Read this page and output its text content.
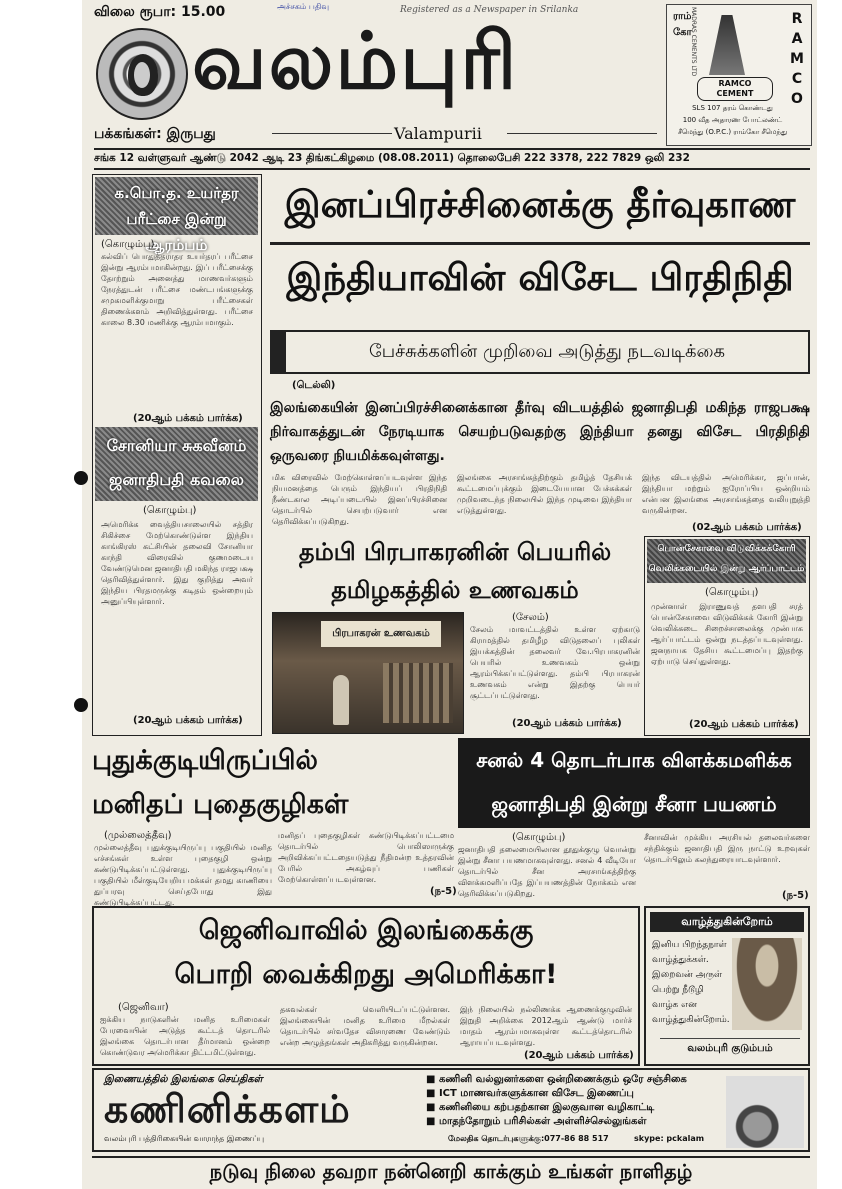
விலை ரூபா: 15.00	அச்சகம் பதிவு	Registered as a Newspaper in Srilanka
வலம்புரி
பக்கங்கள்: இருபது	Valampurii
ராம்கோ
MADRAS CEMENTS LTD
RAMCO CEMENT
RAMCO
SLS 107 தரம் கொண்டது
100 வீத அதாரண போட்லண்ட்
சீமெந்து (O.P.C.) ராம்கோ சீமெந்து
சங்க 12 வள்ளுவர் ஆண்டு 2042 ஆடி 23 திங்கட்கிழமை (08.08.2011) தொலைபேசி 222 3378, 222 7829 ஒலி 232
க.பொ.த. உயர்தர பரீட்சை இன்று ஆரம்பம்
(கொழும்பு)
கல்விப் பொதுத்தராதர உயர்தரப் பரீட்சை இன்று ஆரம்பமாகின்றது. இப் பரீட்சைக்கு தோற்றும் அனைத்து மாணவர்களும் நேரத்துடன் பரீட்சை மண்டபங்களுக்கு சமுகமளிக்குமாறு பரீட்சைகள் திணைக்களம் அறிவித்துள்ளது. பரீட்சை காலை 8.30 மணிக்கு ஆரம்பமாகும்.
(20ஆம் பக்கம் பார்க்க)
சோனியா சுகவீனம்
ஜனாதிபதி கவலை
(கொழும்பு)
அமெரிக்க வைத்தியசாலையில் சத்திர சிகிச்சை மேற்கொண்டுள்ள இந்திய காங்கிரஸ் கட்சியின் தலைவி சோனியா காந்தி விரைவில் குணமடைய வேண்டுமென ஜனாதிபதி மகிந்த ராஜபக்ஷ தெரிவித்துள்ளார். இது குறித்து அவர் இந்திய பிரதமருக்கு கடிதம் ஒன்றையும் அனுப்பியுள்ளார்.
(20ஆம் பக்கம் பார்க்க)
இனப்பிரச்சினைக்கு தீர்வுகாண
இந்தியாவின் விசேட பிரதிநிதி
பேச்சுக்களின் முறிவை அடுத்து நடவடிக்கை
(டெல்லி)
இலங்கையின் இனப்பிரச்சினைக்கான தீர்வு விடயத்தில் ஜனாதிபதி மகிந்த ராஜபக்ஷ நிர்வாகத்துடன் நேரடியாக செயற்படுவதற்கு இந்தியா தனது விசேட பிரதிநிதி ஒருவரை நியமிக்கவுள்ளது.
மிக விரைவில் மேற்கொள்ளப்படவுள்ள இந்த நியமனத்தை பெரும் இந்தியப் பிரதிநிதி நீண்டகால அடிப்படையில் இனப்பிரச்சினை தொடர்பில் செயற்படுவார் என தெரிவிக்கப்படுகிறது.
இலங்கை அரசாங்கத்திற்கும் தமிழ்த் தேசியக் கூட்டமைப்புக்கும் இடையேயான பேச்சுக்கள் முறிவடைந்த நிலையில் இந்த முடிவை இந்தியா எடுத்துள்ளது.
இந்த விடயத்தில் அமெரிக்கா, ஜப்பான், இந்தியா மற்றும் ஐரோப்பிய ஒன்றியம் என்பன இலங்கை அரசாங்கத்தை வலியுறுத்தி வருகின்றன.
(02ஆம் பக்கம் பார்க்க)
தம்பி பிரபாகரனின் பெயரில்
தமிழகத்தில் உணவகம்
பிரபாகரன் உணவகம்
(சேலம்)
சேலம் மாவட்டத்தில் உள்ள ஏற்காடு கிராமத்தில் தமிழீழ விடுதலைப் புலிகள் இயக்கத்தின் தலைவர் வே.பிரபாகரனின் பெயரில் உணவகம் ஒன்று ஆரம்பிக்கப்பட்டுள்ளது. தம்பி பிரபாகரன் உணவகம் என்று இதற்கு பெயர் சூட்டப்பட்டுள்ளது.
(20ஆம் பக்கம் பார்க்க)
பொன்சேகாவை விடுவிக்கக்கோரி
வெலிக்கடையில் இன்று ஆர்ப்பாட்டம்
(கொழும்பு)
முன்னாள் இராணுவத் தளபதி சரத் பொன்சேகாவை விடுவிக்கக் கோரி இன்று வெலிக்கடை சிறைச்சாலைக்கு முன்பாக ஆர்ப்பாட்டம் ஒன்று நடத்தப்படவுள்ளது. ஜனநாயக தேசிய கூட்டமைப்பு இதற்கு ஏற்பாடு செய்துள்ளது.
(20ஆம் பக்கம் பார்க்க)
புதுக்குடியிருப்பில்
மனிதப் புதைகுழிகள்
(முல்லைத்தீவு)
முல்லைத்தீவு புதுக்குடியிருப்பு பகுதியில் மனித எச்சங்கள் உள்ள புதைகுழி ஒன்று கண்டுபிடிக்கப்பட்டுள்ளது. புதுக்குடியிருப்பு பகுதியில் மீள்குடியேறிய மக்கள் தமது காணியை துப்பரவு செய்தபோது இது கண்டுபிடிக்கப்பட்டது.
மனிதப் புதைகுழிகள் கண்டுபிடிக்கப்பட்டமை தொடர்பில் பொலிஸாருக்கு அறிவிக்கப்பட்டதையடுத்து நீதிமன்ற உத்தரவின் பேரில் அகழ்வுப் பணிகள் மேற்கொள்ளப்படவுள்ளன.
(ந-5)
சனல் 4 தொடர்பாக விளக்கமளிக்க
ஜனாதிபதி இன்று சீனா பயணம்
(கொழும்பு)
ஜனாதிபதி தலைமையிலான தூதுக்குழு வொன்று இன்று சீனா பயணமாகவுள்ளது. சனல் 4 வீடியோ தொடர்பில் சீன அரசாங்கத்திற்கு விளக்கமளிப்பதே இப்பயணத்தின் நோக்கம் என தெரிவிக்கப்படுகிறது.
சீனாவின் முக்கிய அரசியல் தலைவர்களை சந்திக்கும் ஜனாதிபதி இரு நாட்டு உறவுகள் தொடர்பிலும் கலந்துரையாடவுள்ளார்.
(ந-5)
ஜெனிவாவில் இலங்கைக்கு
பொறி வைக்கிறது அமெரிக்கா!
(ஜெனிவா)
ஐக்கிய நாடுகளின் மனித உரிமைகள் பேரவையின் அடுத்த கூட்டத் தொடரில் இலங்கை தொடர்பான தீர்மானம் ஒன்றை கொண்டுவர அமெரிக்கா திட்டமிட்டுள்ளது.
தகவல்கள் வெளியிடப்பட்டுள்ளன. இலங்கையின் மனித உரிமை மீறல்கள் தொடர்பில் சர்வதேச விசாரணை வேண்டும் என்ற அழுத்தங்கள் அதிகரித்து வருகின்றன.
இந் நிலையில் நல்லிணக்க ஆணைக்குழுவின் இறுதி அறிக்கை 2012ஆம் ஆண்டு மார்ச் மாதம் ஆரம்பமாகவுள்ள கூட்டத்தொடரில் ஆராயப்படவுள்ளது.
(20ஆம் பக்கம் பார்க்க)
வாழ்த்துகின்றோம்
இனிய பிறந்தநாள் வாழ்த்துக்கள். இறைவன் அருள் பெற்று நீடூழி வாழ்க என வாழ்த்துகின்றோம்.
வலம்புரி குடும்பம்
இணையத்தில் இலங்கை செய்திகள்
கணினிக்களம்
வலம்புரி பத்திரிகையின் வாராந்த இணைப்பு
■ கணினி வல்லுனர்களை ஒன்றிணைக்கும் ஒரே சஞ்சிகை
■ ICT மாணவர்களுக்கான விசேட இணைப்பு
■ கணினியை கற்பதற்கான இலகுவான வழிகாட்டி
■ மாதந்தோறும் பரிசில்கள் அள்ளிச்செல்லுங்கள்
மேலதிக தொடர்புகளுக்கு:077-86 88 517	skype: pckalam
நடுவு நிலை தவறா நன்னெறி காக்கும் உங்கள் நாளிதழ்
